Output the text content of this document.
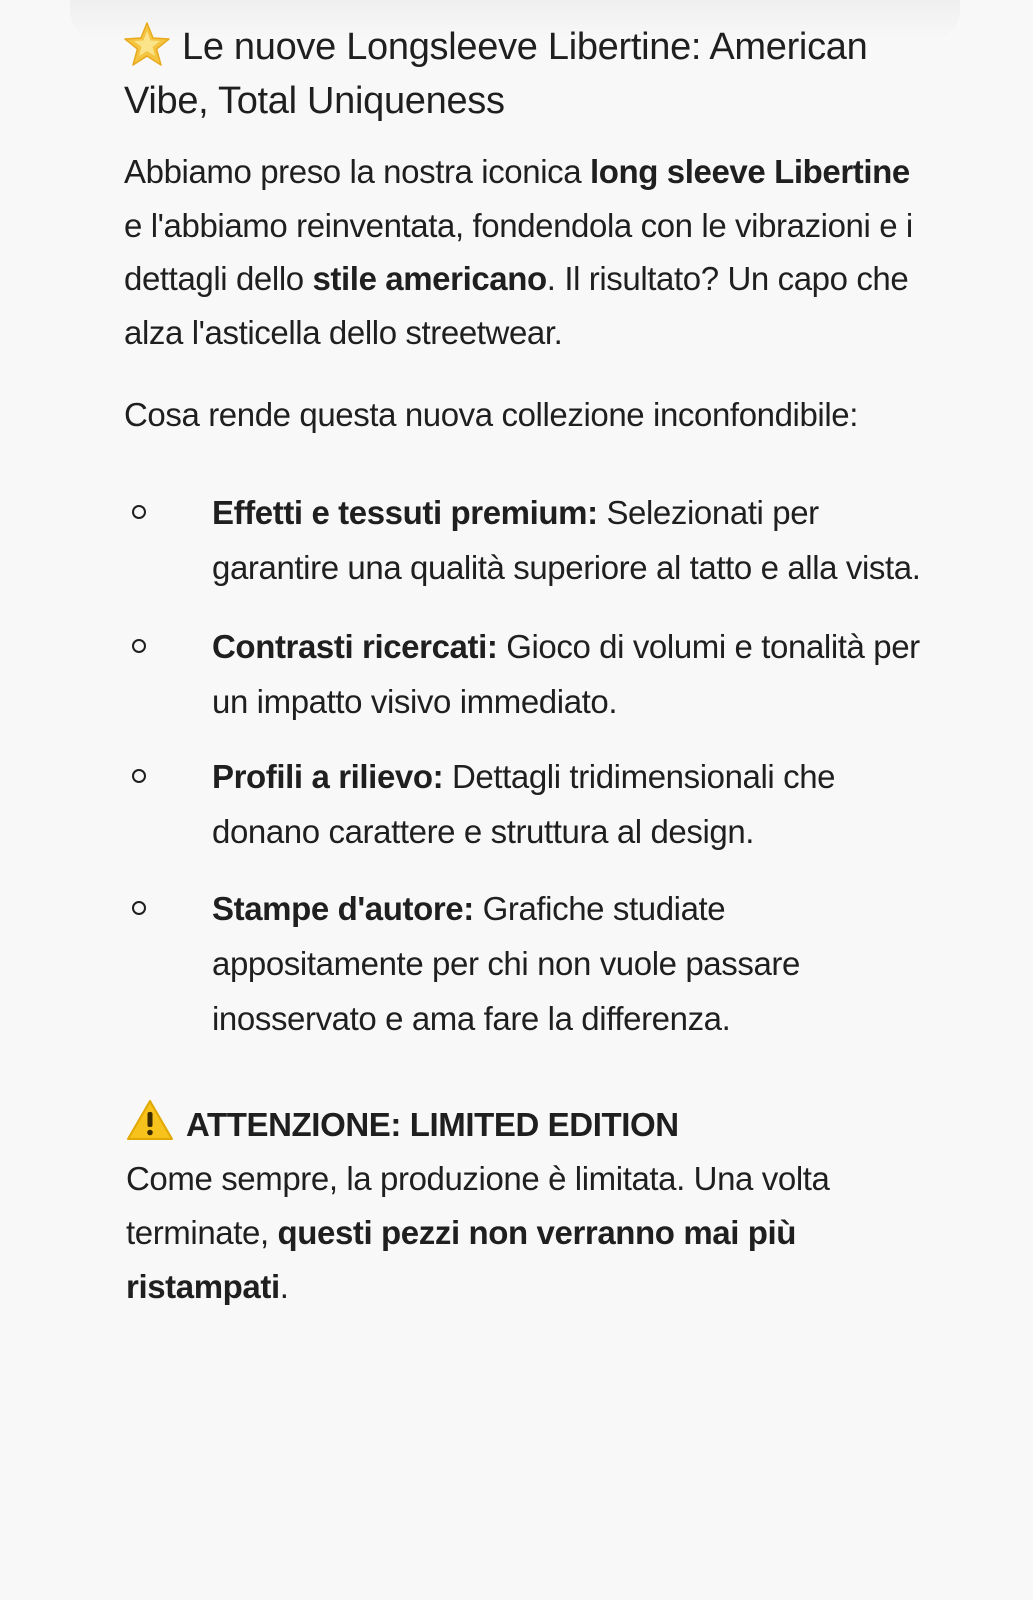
Le nuove Longsleeve Libertine: American Vibe, Total Uniqueness

Abbiamo preso la nostra iconica long sleeve Libertine e l'abbiamo reinventata, fondendola con le vibrazioni e i dettagli dello stile americano. Il risultato? Un capo che alza l'asticella dello streetwear.

Cosa rende questa nuova collezione inconfondibile:

Effetti e tessuti premium: Selezionati per garantire una qualità superiore al tatto e alla vista.
Contrasti ricercati: Gioco di volumi e tonalità per un impatto visivo immediato.
Profili a rilievo: Dettagli tridimensionali che donano carattere e struttura al design.
Stampe d'autore: Grafiche studiate appositamente per chi non vuole passare inosservato e ama fare la differenza.

ATTENZIONE: LIMITED EDITION

Come sempre, la produzione è limitata. Una volta terminate, questi pezzi non verranno mai più ristampati.
